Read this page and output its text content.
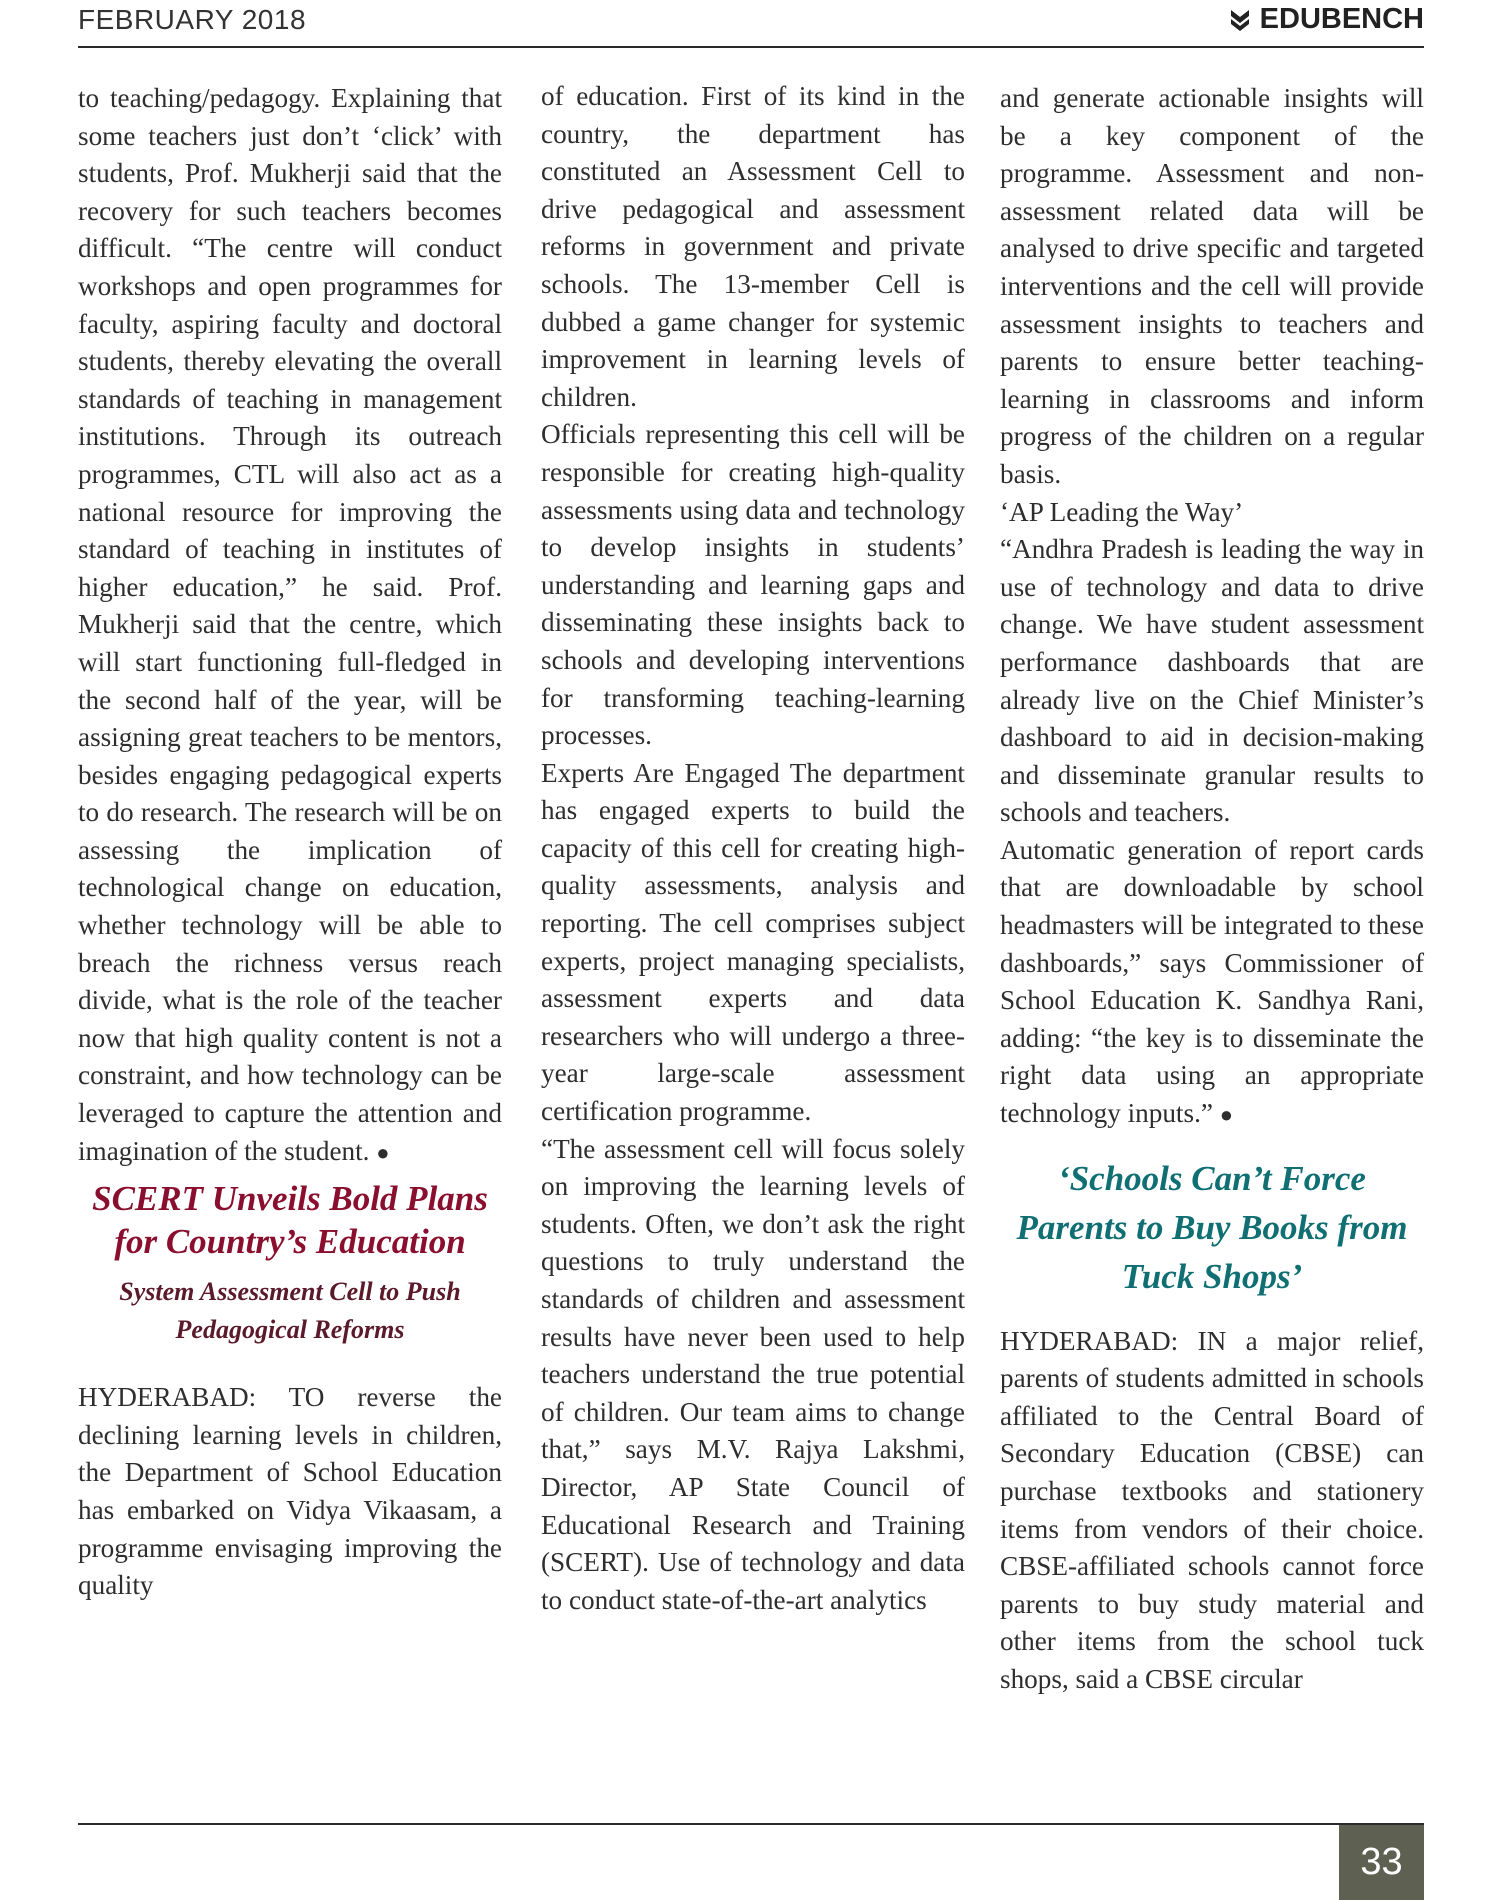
FEBRUARY 2018	EDUBENCH

to teaching/pedagogy. Explaining that some teachers just don’t ‘click’ with students, Prof. Mukherji said that the recovery for such teachers becomes difficult. “The centre will conduct workshops and open programmes for faculty, aspiring faculty and doctoral students, thereby elevating the overall standards of teaching in management institutions. Through its outreach programmes, CTL will also act as a national resource for improving the standard of teaching in institutes of higher education,” he said. Prof. Mukherji said that the centre, which will start functioning full-fledged in the second half of the year, will be assigning great teachers to be mentors, besides engaging pedagogical experts to do research. The research will be on assessing the implication of technological change on education, whether technology will be able to breach the richness versus reach divide, what is the role of the teacher now that high quality content is not a constraint, and how technology can be leveraged to capture the attention and imagination of the student. ●

SCERT Unveils Bold Plans for Country’s Education
System Assessment Cell to Push Pedagogical Reforms

HYDERABAD: TO reverse the declining learning levels in children, the Department of School Education has embarked on Vidya Vikaasam, a programme envisaging improving the quality

of education. First of its kind in the country, the department has constituted an Assessment Cell to drive pedagogical and assessment reforms in government and private schools. The 13-member Cell is dubbed a game changer for systemic improvement in learning levels of children.

Officials representing this cell will be responsible for creating high-quality assessments using data and technology to develop insights in students’ understanding and learning gaps and disseminating these insights back to schools and developing interventions for transforming teaching-learning processes.

Experts Are Engaged The department has engaged experts to build the capacity of this cell for creating high-quality assessments, analysis and reporting. The cell comprises subject experts, project managing specialists, assessment experts and data researchers who will undergo a three-year large-scale assessment certification programme.

“The assessment cell will focus solely on improving the learning levels of students. Often, we don’t ask the right questions to truly understand the standards of children and assessment results have never been used to help teachers understand the true potential of children. Our team aims to change that,” says M.V. Rajya Lakshmi, Director, AP State Council of Educational Research and Training (SCERT). Use of technology and data to conduct state-of-the-art analytics

and generate actionable insights will be a key component of the programme. Assessment and non-assessment related data will be analysed to drive specific and targeted interventions and the cell will provide assessment insights to teachers and parents to ensure better teaching-learning in classrooms and inform progress of the children on a regular basis.

‘AP Leading the Way’

“Andhra Pradesh is leading the way in use of technology and data to drive change. We have student assessment performance dashboards that are already live on the Chief Minister’s dashboard to aid in decision-making and disseminate granular results to schools and teachers.

Automatic generation of report cards that are downloadable by school headmasters will be integrated to these dashboards,” says Commissioner of School Education K. Sandhya Rani, adding: “the key is to disseminate the right data using an appropriate technology inputs.” ●

‘Schools Can’t Force Parents to Buy Books from Tuck Shops’

HYDERABAD: IN a major relief, parents of students admitted in schools affiliated to the Central Board of Secondary Education (CBSE) can purchase textbooks and stationery items from vendors of their choice. CBSE-affiliated schools cannot force parents to buy study material and other items from the school tuck shops, said a CBSE circular

33
